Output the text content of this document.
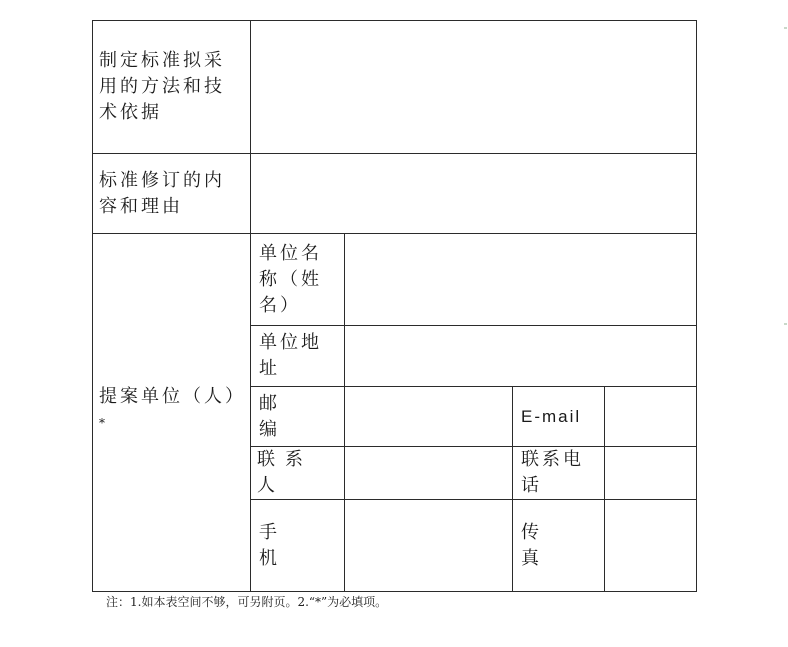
制定标准拟采用的方法和技术依据				
标准修订的内容和理由				
提案单位（人）*	单位名称（姓名）			
	单位地址			
	邮编		E-mail	
	联系人		联系电话	
	手机		传真	
注：1.如本表空间不够，可另附页。2.“*”为必填项。
